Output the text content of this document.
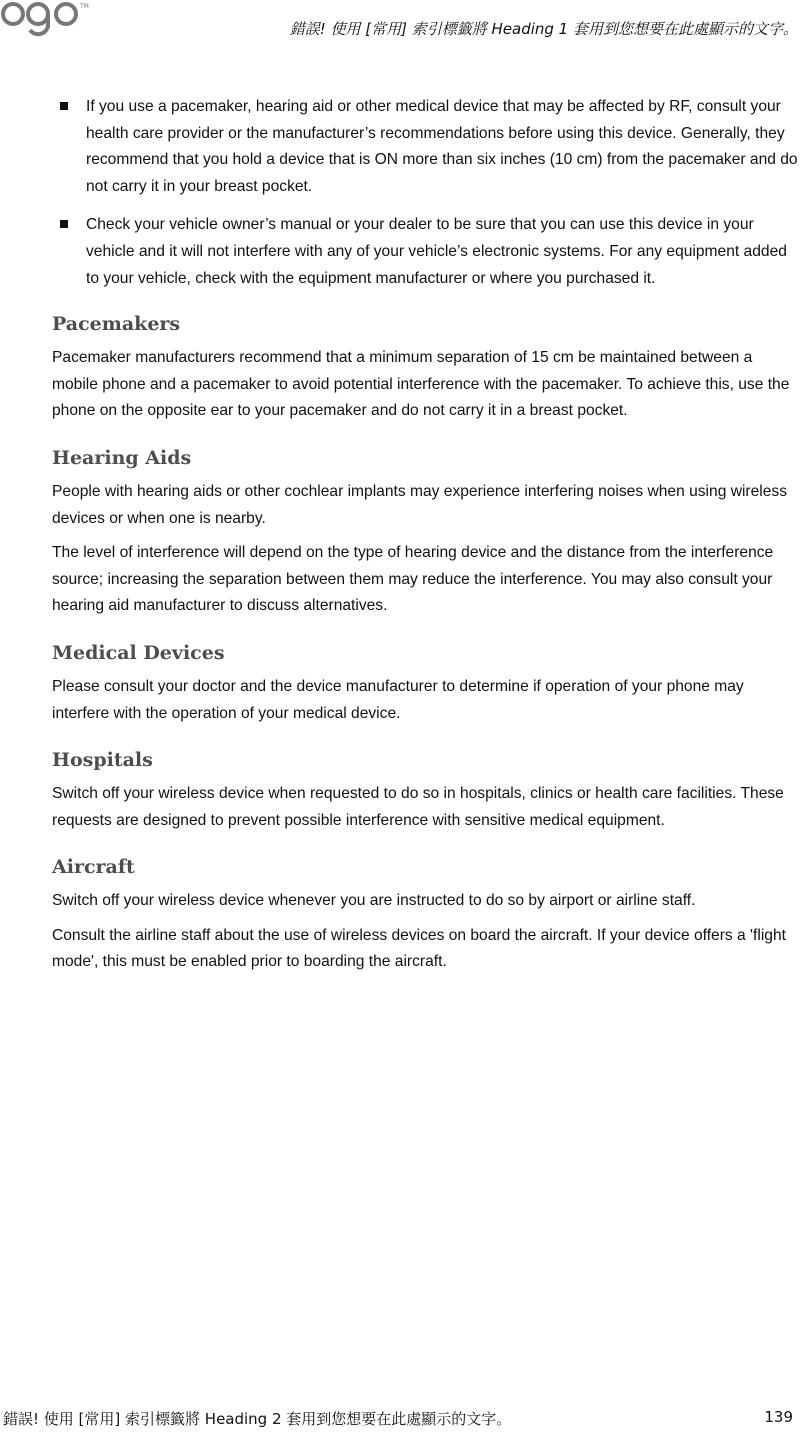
TM
錯誤! 使用 [常用] 索引標籤將 Heading 1 套用到您想要在此處顯示的文字。
If you use a pacemaker, hearing aid or other medical device that may be affected by RF, consult your health care provider or the manufacturer’s recommendations before using this device. Generally, they recommend that you hold a device that is ON more than six inches (10 cm) from the pacemaker and do not carry it in your breast pocket.
Check your vehicle owner’s manual or your dealer to be sure that you can use this device in your vehicle and it will not interfere with any of your vehicle’s electronic systems. For any equipment added to your vehicle, check with the equipment manufacturer or where you purchased it.
Pacemakers

Pacemaker manufacturers recommend that a minimum separation of 15 cm be maintained between a mobile phone and a pacemaker to avoid potential interference with the pacemaker. To achieve this, use the phone on the opposite ear to your pacemaker and do not carry it in a breast pocket.

Hearing Aids

People with hearing aids or other cochlear implants may experience interfering noises when using wireless devices or when one is nearby.

The level of interference will depend on the type of hearing device and the distance from the interference source; increasing the separation between them may reduce the interference. You may also consult your hearing aid manufacturer to discuss alternatives.

Medical Devices

Please consult your doctor and the device manufacturer to determine if operation of your phone may interfere with the operation of your medical device.

Hospitals

Switch off your wireless device when requested to do so in hospitals, clinics or health care facilities. These requests are designed to prevent possible interference with sensitive medical equipment.

Aircraft

Switch off your wireless device whenever you are instructed to do so by airport or airline staff.

Consult the airline staff about the use of wireless devices on board the aircraft. If your device offers a 'flight mode', this must be enabled prior to boarding the aircraft.

錯誤! 使用 [常用] 索引標籤將 Heading 2 套用到您想要在此處顯示的文字。	139
